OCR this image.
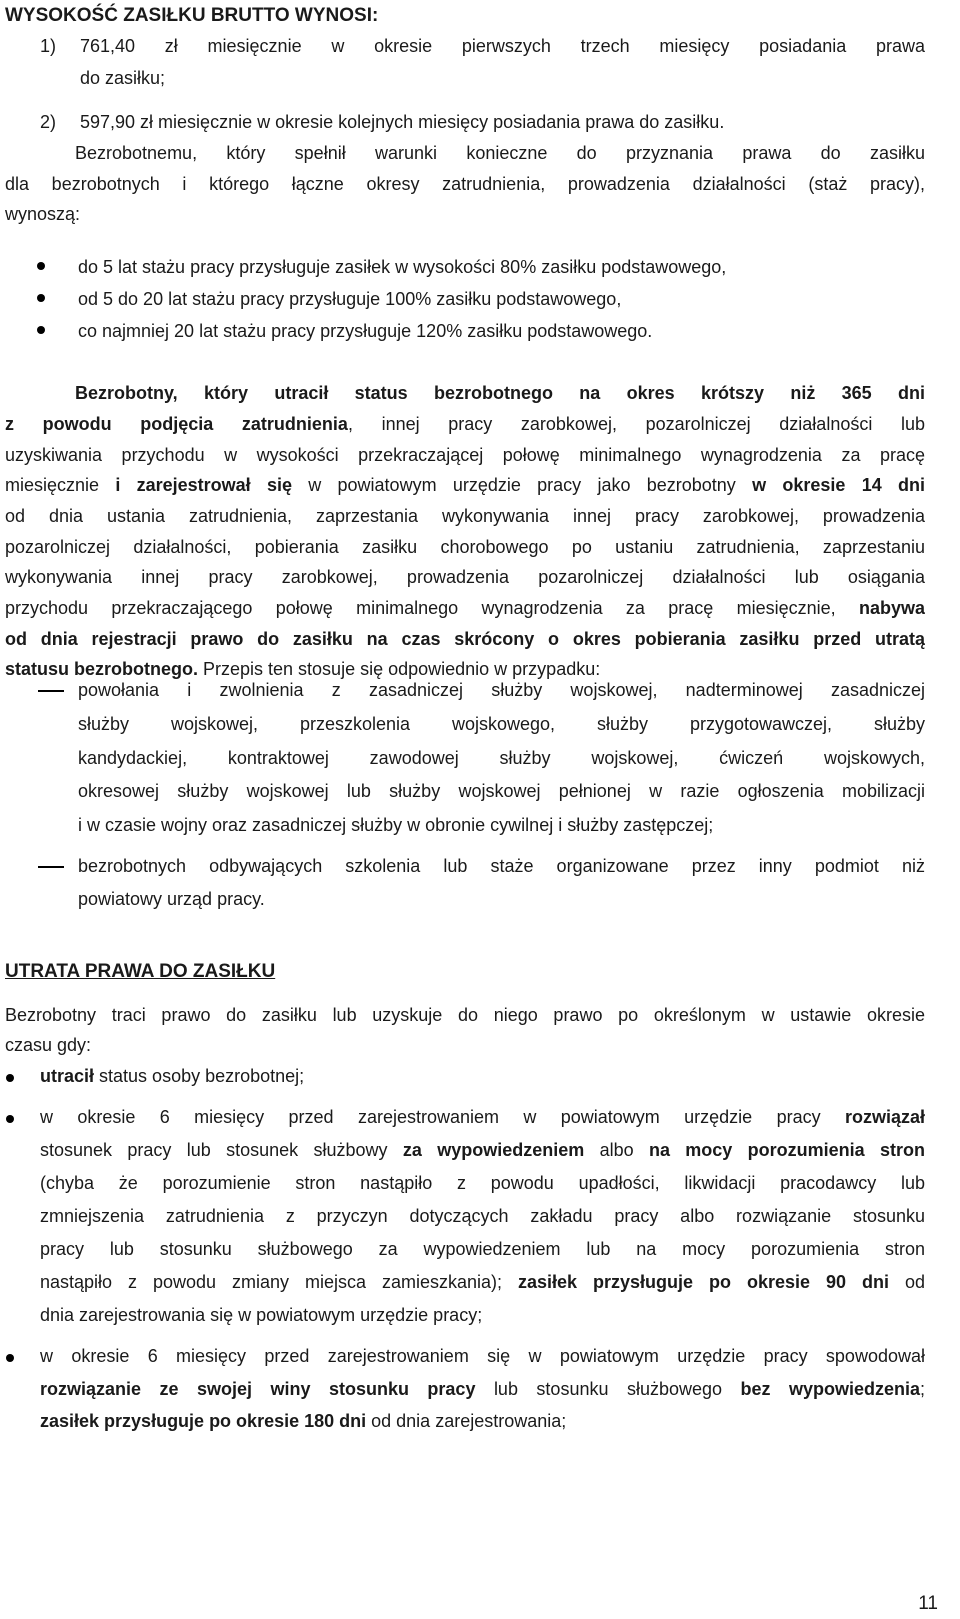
WYSOKOŚĆ ZASIŁKU BRUTTO WYNOSI:
1) 761,40 zł miesięcznie w okresie pierwszych trzech miesięcy posiadania prawa
do zasiłku;
2) 597,90 zł miesięcznie w okresie kolejnych miesięcy posiadania prawa do zasiłku.
Bezrobotnemu, który spełnił warunki konieczne do przyznania prawa do zasiłku
dla bezrobotnych i którego łączne okresy zatrudnienia, prowadzenia działalności (staż pracy),
wynoszą:
do 5 lat stażu pracy przysługuje zasiłek w wysokości 80% zasiłku podstawowego,
od 5 do 20 lat stażu pracy przysługuje 100% zasiłku podstawowego,
co najmniej 20 lat stażu pracy przysługuje 120% zasiłku podstawowego.
Bezrobotny, który utracił status bezrobotnego na okres krótszy niż 365 dni
z powodu podjęcia zatrudnienia, innej pracy zarobkowej, pozarolniczej działalności lub
uzyskiwania przychodu w wysokości przekraczającej połowę minimalnego wynagrodzenia za pracę
miesięcznie i zarejestrował się w powiatowym urzędzie pracy jako bezrobotny w okresie 14 dni
od dnia ustania zatrudnienia, zaprzestania wykonywania innej pracy zarobkowej, prowadzenia
pozarolniczej działalności, pobierania zasiłku chorobowego po ustaniu zatrudnienia, zaprzestaniu
wykonywania innej pracy zarobkowej, prowadzenia pozarolniczej działalności lub osiągania
przychodu przekraczającego połowę minimalnego wynagrodzenia za pracę miesięcznie, nabywa
od dnia rejestracji prawo do zasiłku na czas skrócony o okres pobierania zasiłku przed utratą
statusu bezrobotnego. Przepis ten stosuje się odpowiednio w przypadku:
powołania i zwolnienia z zasadniczej służby wojskowej, nadterminowej zasadniczej
służby wojskowej, przeszkolenia wojskowego, służby przygotowawczej, służby
kandydackiej, kontraktowej zawodowej służby wojskowej, ćwiczeń wojskowych,
okresowej służby wojskowej lub służby wojskowej pełnionej w razie ogłoszenia mobilizacji
i w czasie wojny oraz zasadniczej służby w obronie cywilnej i służby zastępczej;
bezrobotnych odbywających szkolenia lub staże organizowane przez inny podmiot niż
powiatowy urząd pracy.
UTRATA PRAWA DO ZASIŁKU
Bezrobotny traci prawo do zasiłku lub uzyskuje do niego prawo po określonym w ustawie okresie
czasu gdy:
utracił status osoby bezrobotnej;
w okresie 6 miesięcy przed zarejestrowaniem w powiatowym urzędzie pracy rozwiązał
stosunek pracy lub stosunek służbowy za wypowiedzeniem albo na mocy porozumienia stron
(chyba że porozumienie stron nastąpiło z powodu upadłości, likwidacji pracodawcy lub
zmniejszenia zatrudnienia z przyczyn dotyczących zakładu pracy albo rozwiązanie stosunku
pracy lub stosunku służbowego za wypowiedzeniem lub na mocy porozumienia stron
nastąpiło z powodu zmiany miejsca zamieszkania); zasiłek przysługuje po okresie 90 dni od
dnia zarejestrowania się w powiatowym urzędzie pracy;
w okresie 6 miesięcy przed zarejestrowaniem się w powiatowym urzędzie pracy spowodował
rozwiązanie ze swojej winy stosunku pracy lub stosunku służbowego bez wypowiedzenia;
zasiłek przysługuje po okresie 180 dni od dnia zarejestrowania;
11
